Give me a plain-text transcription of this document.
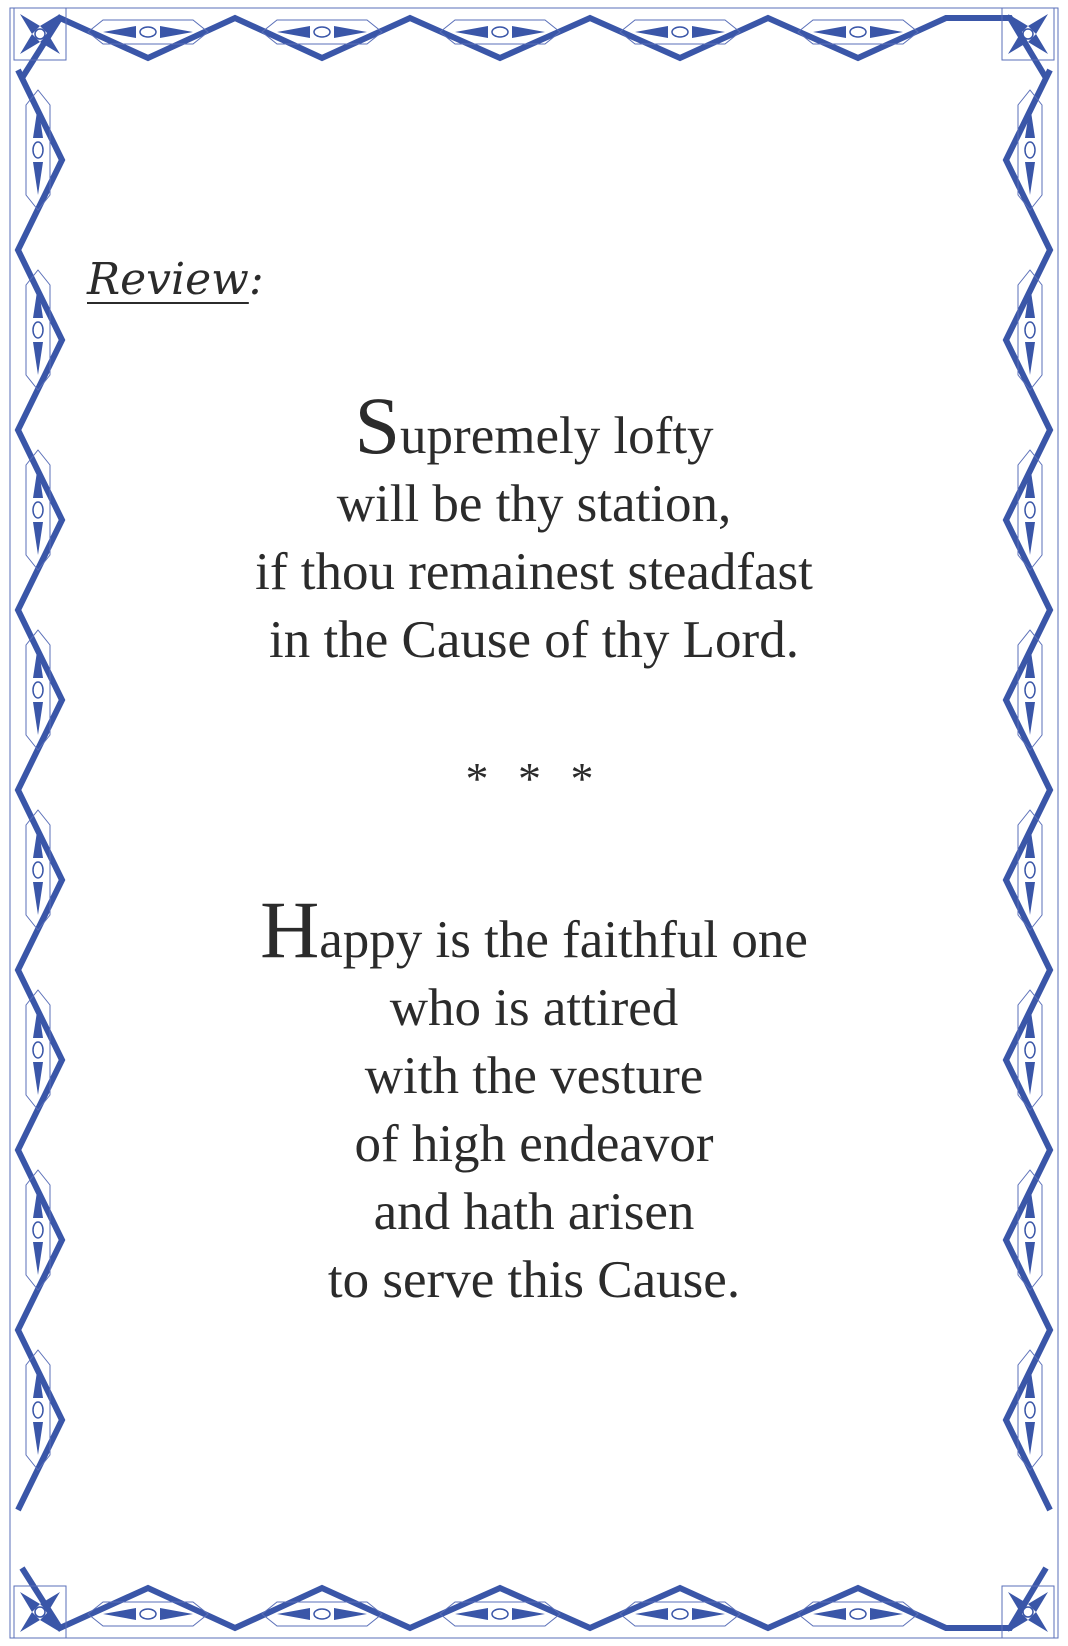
Review:
Supremely lofty
will be thy station,
if thou remainest steadfast
in the Cause of thy Lord.
* * *
Happy is the faithful one
who is attired
with the vesture
of high endeavor
and hath arisen
to serve this Cause.
